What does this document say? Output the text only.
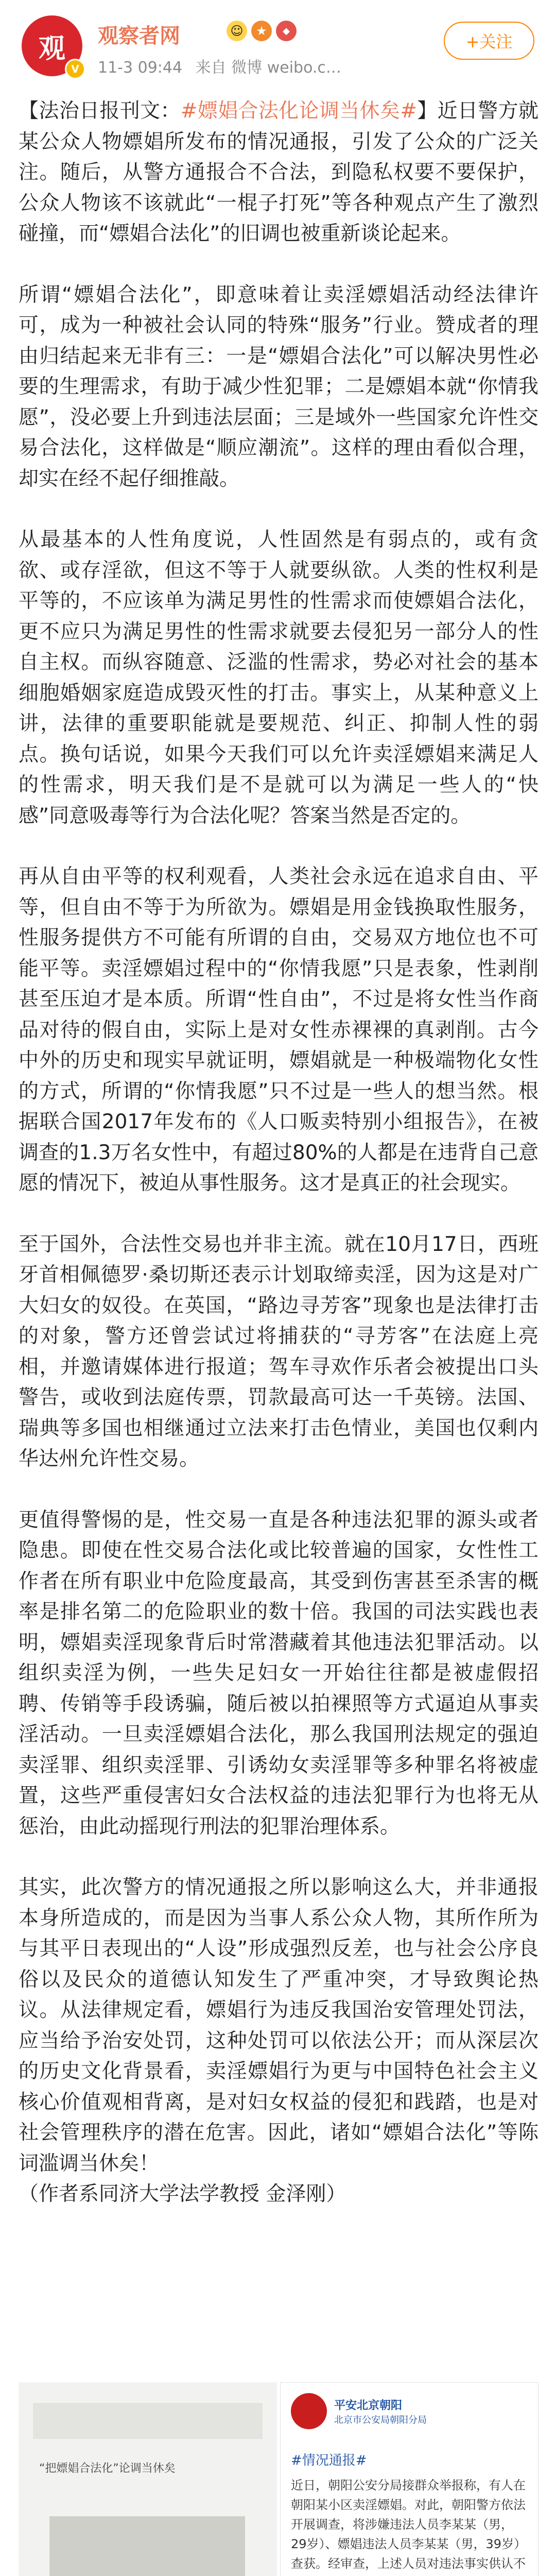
观
V
观察者网	☺	★	◆
11-3 09:44 来自 微博 weibo.c…
+关注

【法治日报刊文：#嫖娼合法化论调当休矣#】近日警方就某公众人物嫖娼所发布的情况通报，引发了公众的广泛关注。随后，从警方通报合不合法，到隐私权要不要保护，公众人物该不该就此“一棍子打死”等各种观点产生了激烈碰撞，而“嫖娼合法化”的旧调也被重新谈论起来。

所谓“嫖娼合法化”，即意味着让卖淫嫖娼活动经法律许可，成为一种被社会认同的特殊“服务”行业。赞成者的理由归结起来无非有三：一是“嫖娼合法化”可以解决男性必要的生理需求，有助于减少性犯罪；二是嫖娼本就“你情我愿”，没必要上升到违法层面；三是域外一些国家允许性交易合法化，这样做是“顺应潮流”。这样的理由看似合理，却实在经不起仔细推敲。

从最基本的人性角度说，人性固然是有弱点的，或有贪欲、或存淫欲，但这不等于人就要纵欲。人类的性权利是平等的，不应该单为满足男性的性需求而使嫖娼合法化，更不应只为满足男性的性需求就要去侵犯另一部分人的性自主权。而纵容随意、泛滥的性需求，势必对社会的基本细胞婚姻家庭造成毁灭性的打击。事实上，从某种意义上讲，法律的重要职能就是要规范、纠正、抑制人性的弱点。换句话说，如果今天我们可以允许卖淫嫖娼来满足人的性需求，明天我们是不是就可以为满足一些人的“快感”同意吸毒等行为合法化呢？答案当然是否定的。

再从自由平等的权利观看，人类社会永远在追求自由、平等，但自由不等于为所欲为。嫖娼是用金钱换取性服务，性服务提供方不可能有所谓的自由，交易双方地位也不可能平等。卖淫嫖娼过程中的“你情我愿”只是表象，性剥削甚至压迫才是本质。所谓“性自由”，不过是将女性当作商品对待的假自由，实际上是对女性赤裸裸的真剥削。古今中外的历史和现实早就证明，嫖娼就是一种极端物化女性的方式，所谓的“你情我愿”只不过是一些人的想当然。根据联合国2017年发布的《人口贩卖特别小组报告》，在被调查的1.3万名女性中，有超过80%的人都是在违背自己意愿的情况下，被迫从事性服务。这才是真正的社会现实。

至于国外，合法性交易也并非主流。就在10月17日，西班牙首相佩德罗·桑切斯还表示计划取缔卖淫，因为这是对广大妇女的奴役。在英国，“路边寻芳客”现象也是法律打击的对象，警方还曾尝试过将捕获的“寻芳客”在法庭上亮相，并邀请媒体进行报道；驾车寻欢作乐者会被提出口头警告，或收到法庭传票，罚款最高可达一千英镑。法国、瑞典等多国也相继通过立法来打击色情业，美国也仅剩内华达州允许性交易。

更值得警惕的是，性交易一直是各种违法犯罪的源头或者隐患。即使在性交易合法化或比较普遍的国家，女性性工作者在所有职业中危险度最高，其受到伤害甚至杀害的概率是排名第二的危险职业的数十倍。我国的司法实践也表明，嫖娼卖淫现象背后时常潜藏着其他违法犯罪活动。以组织卖淫为例，一些失足妇女一开始往往都是被虚假招聘、传销等手段诱骗，随后被以拍裸照等方式逼迫从事卖淫活动。一旦卖淫嫖娼合法化，那么我国刑法规定的强迫卖淫罪、组织卖淫罪、引诱幼女卖淫罪等多种罪名将被虚置，这些严重侵害妇女合法权益的违法犯罪行为也将无从惩治，由此动摇现行刑法的犯罪治理体系。

其实，此次警方的情况通报之所以影响这么大，并非通报本身所造成的，而是因为当事人系公众人物，其所作所为与其平日表现出的“人设”形成强烈反差，也与社会公序良俗以及民众的道德认知发生了严重冲突，才导致舆论热议。从法律规定看，嫖娼行为违反我国治安管理处罚法，应当给予治安处罚，这种处罚可以依法公开；而从深层次的历史文化背景看，卖淫嫖娼行为更与中国特色社会主义核心价值观相背离，是对妇女权益的侵犯和践踏，也是对社会管理秩序的潜在危害。因此，诸如“嫖娼合法化”等陈词滥调当休矣！
（作者系同济大学法学教授 金泽刚）

“把嫖娼合法化”论调当休矣
平安北京朝阳
北京市公安局朝阳分局
#情况通报#
近日，朝阳公安分局接群众举报称，有人在朝阳某小区卖淫嫖娼。对此，朝阳警方依法开展调查，将涉嫌违法人员李某某（男，29岁）、嫖娼违法人员李某某（男，39岁）查获。经审查，上述人员对违法事实供认不
